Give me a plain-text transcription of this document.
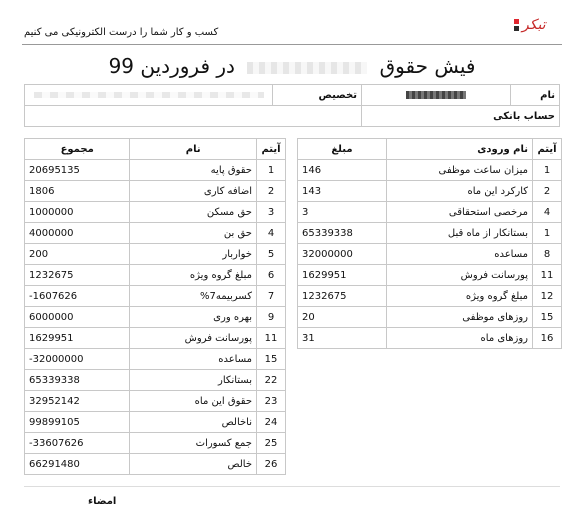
کسب و کار شما را درست الکترونیکی می کنیم	تبکر
فیش حقوق  در فروردین 99
نام		تخصیص	
حساب بانکی			
آیتم	نام ورودی	مبلغ
1	میزان ساعت موظفی	146
2	کارکرد این ماه	143
4	مرخصی استحقاقی	3
1	بستانکار از ماه قبل	65339338
8	مساعده	32000000
11	پورسانت فروش	1629951
12	مبلغ گروه ویژه	1232675
15	روزهای موظفی	20
16	روزهای ماه	31
آیتم	نام	مجموع
1	حقوق پایه	20695135
2	اضافه کاری	1806
3	حق مسکن	1000000
4	حق بن	4000000
5	خواربار	200
6	مبلغ گروه ویژه	1232675
7	کسربیمه7%	-1607626
9	بهره وری	6000000
11	پورسانت فروش	1629951
15	مساعده	-32000000
22	بستانکار	65339338
23	حقوق این ماه	32952142
24	ناخالص	99899105
25	جمع کسورات	-33607626
26	خالص	66291480
امضاء
